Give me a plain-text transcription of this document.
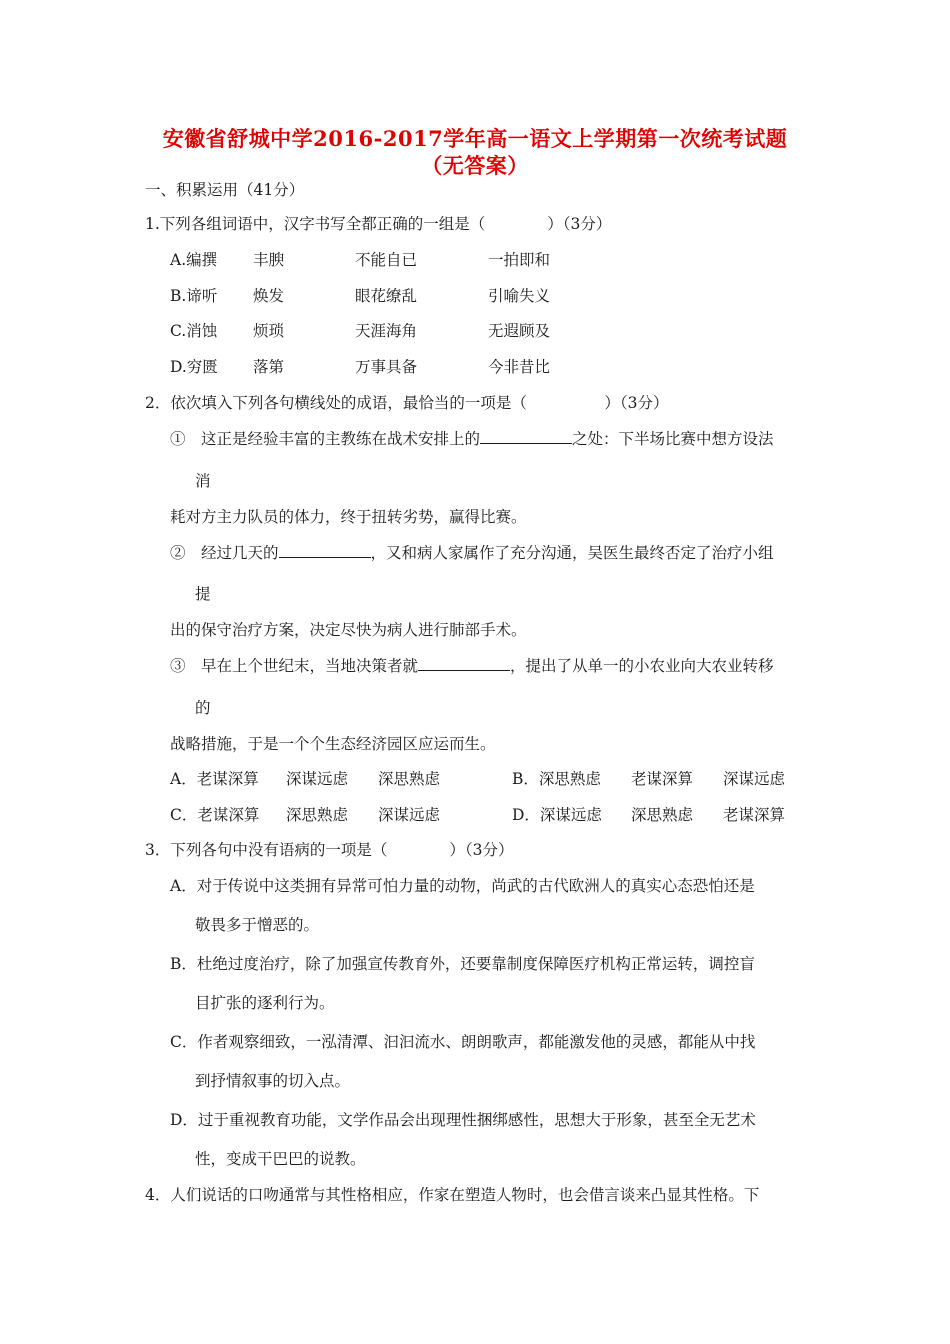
安徽省舒城中学2016-2017学年高一语文上学期第一次统考试题
（无答案）
一、积累运用（41分）
1.下列各组词语中，汉字书写全都正确的一组是（　　　　）（3分）
A.编撰 丰腴	不能自已	一拍即和
B.谛听 焕发	眼花缭乱	引喻失义
C.消蚀 烦琐	天涯海角	无遐顾及
D.穷匮 落第	万事具备	今非昔比
2．依次填入下列各句横线处的成语，最恰当的一项是（　　　　　）（3分）
①　这正是经验丰富的主教练在战术安排上的	之处：下半场比赛中想方设法
消
耗对方主力队员的体力，终于扭转劣势，赢得比赛。
②　经过几天的	，又和病人家属作了充分沟通，吴医生最终否定了治疗小组
提
出的保守治疗方案，决定尽快为病人进行肺部手术。
③　早在上个世纪末，当地决策者就	，提出了从单一的小农业向大农业转移
的
战略措施，于是一个个生态经济园区应运而生。
A．老谋深算 深谋远虑 深思熟虑	B．深思熟虑 老谋深算 深谋远虑
C．老谋深算 深思熟虑 深谋远虑	D．深谋远虑 深思熟虑 老谋深算
3．下列各句中没有语病的一项是（　　　　）（3分）
A．对于传说中这类拥有异常可怕力量的动物，尚武的古代欧洲人的真实心态恐怕还是
敬畏多于憎恶的。
B．杜绝过度治疗，除了加强宣传教育外，还要靠制度保障医疗机构正常运转，调控盲
目扩张的逐利行为。
C．作者观察细致，一泓清潭、汩汩流水、朗朗歌声，都能激发他的灵感，都能从中找
到抒情叙事的切入点。
D．过于重视教育功能，文学作品会出现理性捆绑感性，思想大于形象，甚至全无艺术
性，变成干巴巴的说教。
4．人们说话的口吻通常与其性格相应，作家在塑造人物时，也会借言谈来凸显其性格。下
